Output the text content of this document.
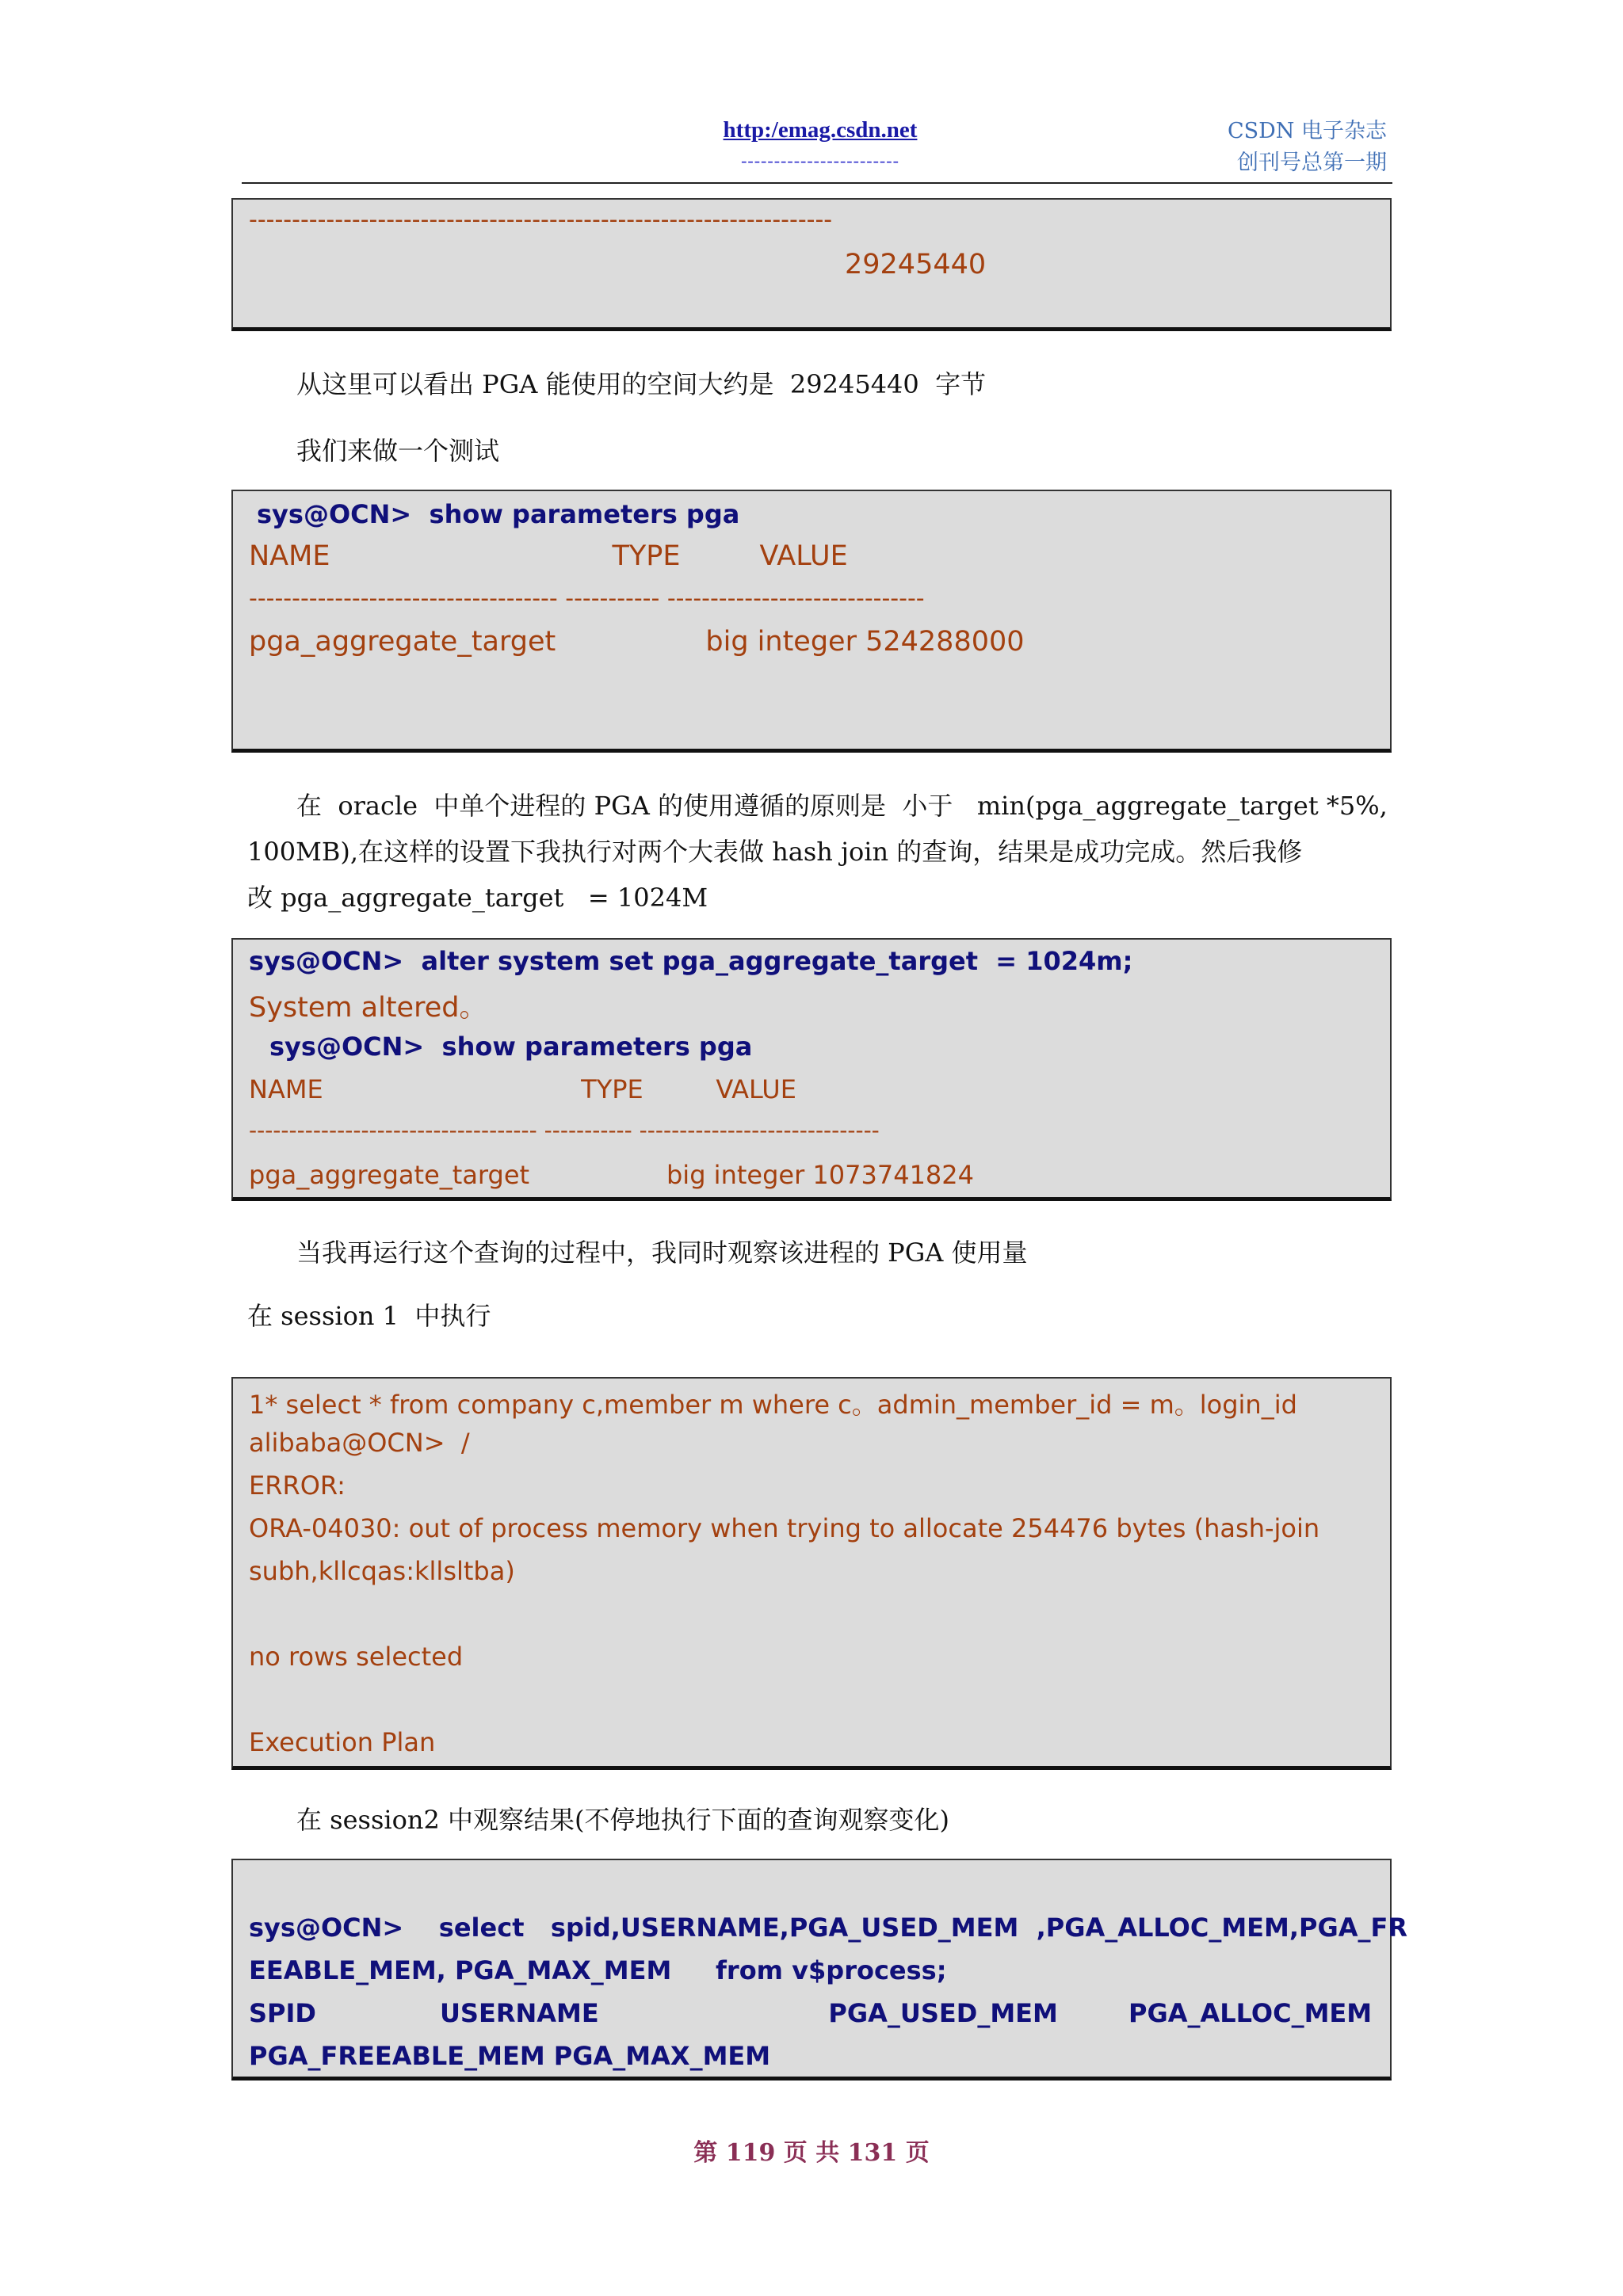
http:/emag.csdn.net
------------------------
CSDN 电子杂志
创刊号总第一期
--------------------------------------------------------------------
29245440
从这里可以看出 PGA 能使用的空间大约是  29245440  字节
我们来做一个测试
sys@OCN>  show parameters pga
NAME                                TYPE         VALUE
------------------------------------ ----------- ------------------------------
pga_aggregate_target                 big integer 524288000
在  oracle  中单个进程的 PGA 的使用遵循的原则是  小于   min(pga_aggregate_target *5%,
100MB),在这样的设置下我执行对两个大表做 hash join 的查询，结果是成功完成。然后我修
改 pga_aggregate_target   = 1024M
sys@OCN>  alter system set pga_aggregate_target  = 1024m;
System altered。
sys@OCN>  show parameters pga
NAME                                TYPE         VALUE
------------------------------------ ----------- ------------------------------
pga_aggregate_target                 big integer 1073741824
当我再运行这个查询的过程中，我同时观察该进程的 PGA 使用量
在 session 1  中执行
1* select * from company c,member m where c。admin_member_id = m。login_id
alibaba@OCN>  /
ERROR:
ORA-04030: out of process memory when trying to allocate 254476 bytes (hash-join
subh,kllcqas:kllsltba)
no rows selected
Execution Plan
在 session2 中观察结果(不停地执行下面的查询观察变化)
sys@OCN>    select   spid,USERNAME,PGA_USED_MEM  ,PGA_ALLOC_MEM,PGA_FR
EEABLE_MEM, PGA_MAX_MEM     from v$process;
SPID              USERNAME                          PGA_USED_MEM        PGA_ALLOC_MEM
PGA_FREEABLE_MEM PGA_MAX_MEM
第 119 页 共 131 页
